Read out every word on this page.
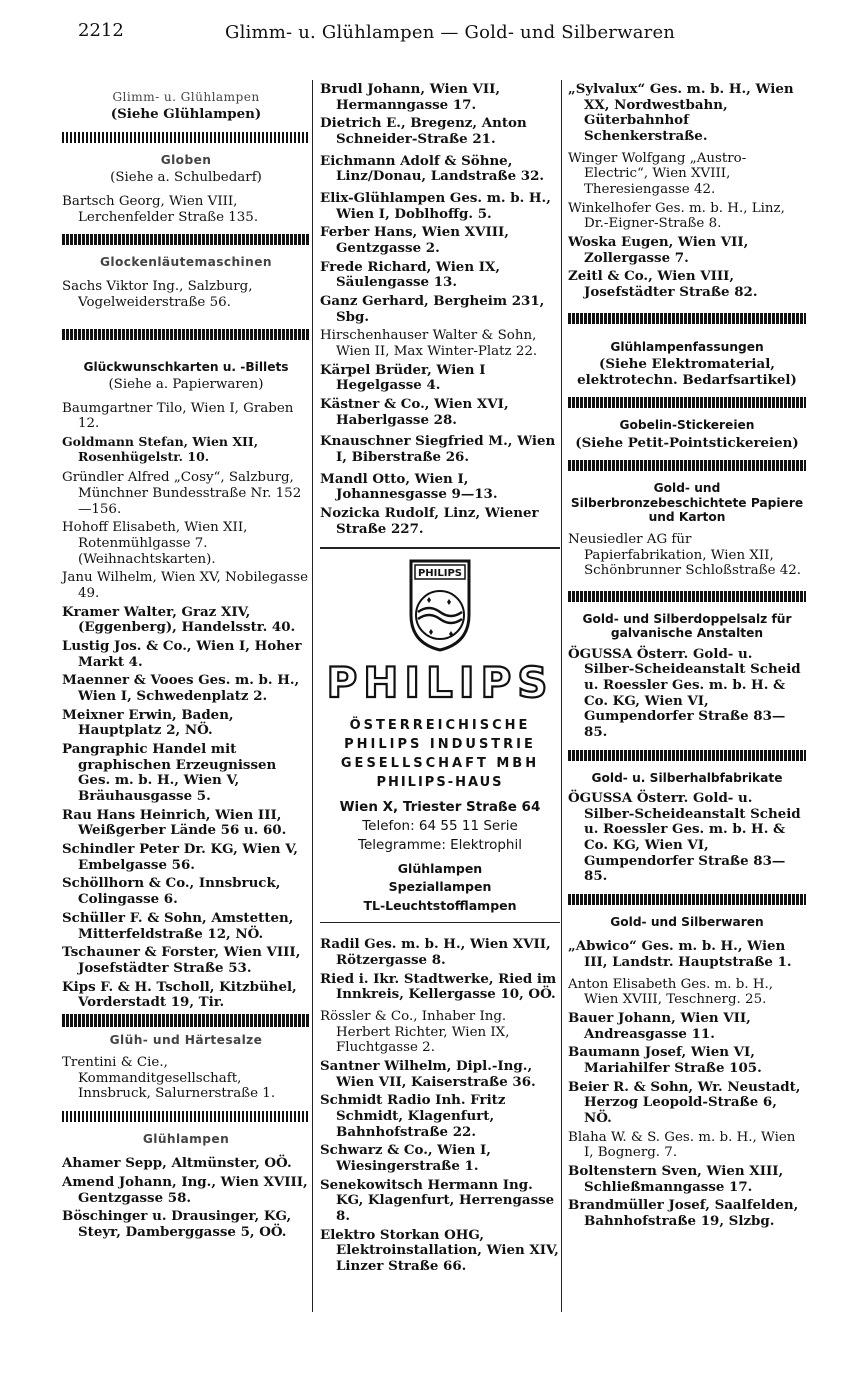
2212	Glimm- u. Glühlampen — Gold- und Silberwaren
Glimm- u. Glühlampen
(Siehe Glühlampen)
Globen
(Siehe a. Schulbedarf)
Bartsch Georg, Wien VIII, Lerchenfelder Straße 135.
Glockenläutemaschinen
Sachs Viktor Ing., Salzburg, Vogelweiderstraße 56.
Glückwunschkarten u. -Billets
(Siehe a. Papierwaren)
Baumgartner Tilo, Wien I, Graben 12.
Goldmann Stefan, Wien XII, Rosenhügelstr. 10.
Gründler Alfred „Cosy“, Salzburg, Münchner Bundesstraße Nr. 152—156.
Hohoff Elisabeth, Wien XII, Rotenmühlgasse 7. (Weihnachtskarten).
Janu Wilhelm, Wien XV, Nobilegasse 49.
Kramer Walter, Graz XIV, (Eggenberg), Handelsstr. 40.
Lustig Jos. & Co., Wien I, Hoher Markt 4.
Maenner & Vooes Ges. m. b. H., Wien I, Schwedenplatz 2.
Meixner Erwin, Baden, Hauptplatz 2, NÖ.
Pangraphic Handel mit graphischen Erzeugnissen Ges. m. b. H., Wien V, Bräuhausgasse 5.
Rau Hans Heinrich, Wien III, Weißgerber Lände 56 u. 60.
Schindler Peter Dr. KG, Wien V, Embelgasse 56.
Schöllhorn & Co., Innsbruck, Colingasse 6.
Schüller F. & Sohn, Amstetten, Mitterfeldstraße 12, NÖ.
Tschauner & Forster, Wien VIII, Josefstädter Straße 53.
Kips F. & H. Tscholl, Kitzbühel, Vorderstadt 19, Tir.
Glüh- und Härtesalze
Trentini & Cie., Kommanditgesellschaft, Innsbruck, Salurnerstraße 1.
Glühlampen
Ahamer Sepp, Altmünster, OÖ.
Amend Johann, Ing., Wien XVIII, Gentzgasse 58.
Böschinger u. Drausinger, KG, Steyr, Damberggasse 5, OÖ.
Brudl Johann, Wien VII, Hermanngasse 17.
Dietrich E., Bregenz, Anton Schneider-Straße 21.
Eichmann Adolf & Söhne, Linz/Donau, Landstraße 32.
Elix-Glühlampen Ges. m. b. H., Wien I, Doblhoffg. 5.
Ferber Hans, Wien XVIII, Gentzgasse 2.
Frede Richard, Wien IX, Säulengasse 13.
Ganz Gerhard, Bergheim 231, Sbg.
Hirschenhauser Walter & Sohn, Wien II, Max Winter-Platz 22.
Kärpel Brüder, Wien I Hegelgasse 4.
Kästner & Co., Wien XVI, Haberlgasse 28.
Knauschner Siegfried M., Wien I, Biberstraße 26.
Mandl Otto, Wien I, Johannesgasse 9—13.
Nozicka Rudolf, Linz, Wiener Straße 227.
PHILIPS
PHILIPS
ÖSTERREICHISCHE
PHILIPS INDUSTRIE
GESELLSCHAFT MBH
PHILIPS-HAUS
Wien X, Triester Straße 64
Telefon: 64 55 11 Serie
Telegramme: Elektrophil
Glühlampen
Speziallampen
TL-Leuchtstofflampen
Radil Ges. m. b. H., Wien XVII, Rötzergasse 8.
Ried i. Ikr. Stadtwerke, Ried im Innkreis, Kellergasse 10, OÖ.
Rössler & Co., Inhaber Ing. Herbert Richter, Wien IX, Fluchtgasse 2.
Santner Wilhelm, Dipl.-Ing., Wien VII, Kaiserstraße 36.
Schmidt Radio Inh. Fritz Schmidt, Klagenfurt, Bahnhofstraße 22.
Schwarz & Co., Wien I, Wiesingerstraße 1.
Senekowitsch Hermann Ing. KG, Klagenfurt, Herrengasse 8.
Elektro Storkan OHG, Elektroinstallation, Wien XIV, Linzer Straße 66.
„Sylvalux“ Ges. m. b. H., Wien XX, Nordwestbahn, Güterbahnhof Schenkerstraße.
Winger Wolfgang „Austro-Electric“, Wien XVIII, Theresiengasse 42.
Winkelhofer Ges. m. b. H., Linz, Dr.-Eigner-Straße 8.
Woska Eugen, Wien VII, Zollergasse 7.
Zeitl & Co., Wien VIII, Josefstädter Straße 82.
Glühlampenfassungen
(Siehe Elektromaterial, elektrotechn. Bedarfsartikel)
Gobelin-Stickereien
(Siehe Petit-Pointstickereien)
Gold- und Silberbronzebeschichtete Papiere und Karton
Neusiedler AG für Papierfabrikation, Wien XII, Schönbrunner Schloßstraße 42.
Gold- und Silberdoppelsalz für galvanische Anstalten
ÖGUSSA Österr. Gold- u. Silber-Scheideanstalt Scheid u. Roessler Ges. m. b. H. & Co. KG, Wien VI, Gumpendorfer Straße 83—85.
Gold- u. Silberhalbfabrikate
ÖGUSSA Österr. Gold- u. Silber-Scheideanstalt Scheid u. Roessler Ges. m. b. H. & Co. KG, Wien VI, Gumpendorfer Straße 83—85.
Gold- und Silberwaren
„Abwico“ Ges. m. b. H., Wien III, Landstr. Hauptstraße 1.
Anton Elisabeth Ges. m. b. H., Wien XVIII, Teschnerg. 25.
Bauer Johann, Wien VII, Andreasgasse 11.
Baumann Josef, Wien VI, Mariahilfer Straße 105.
Beier R. & Sohn, Wr. Neustadt, Herzog Leopold-Straße 6, NÖ.
Blaha W. & S. Ges. m. b. H., Wien I, Bognerg. 7.
Boltenstern Sven, Wien XIII, Schließmanngasse 17.
Brandmüller Josef, Saalfelden, Bahnhofstraße 19, Slzbg.
